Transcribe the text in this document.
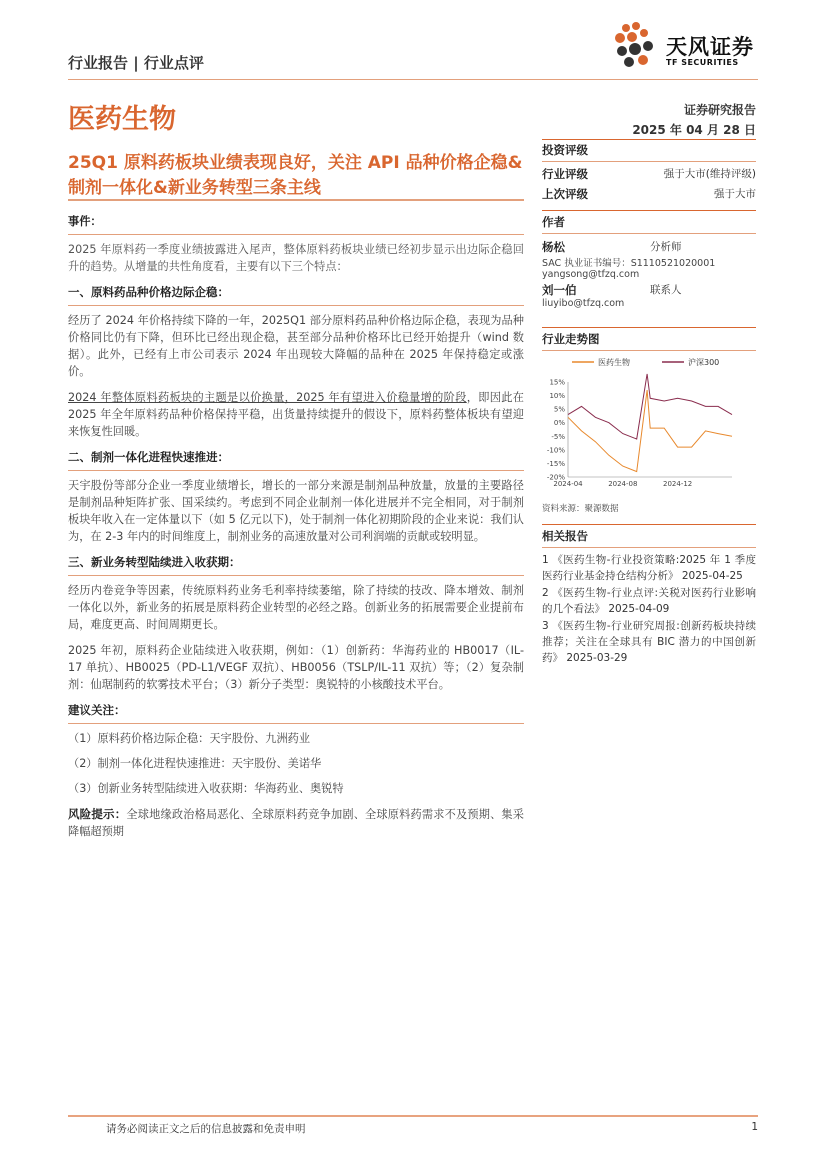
行业报告 | 行业点评
天风证券
TF SECURITIES
医药生物	证券研究报告
2025 年 04 月 28 日
25Q1 原料药板块业绩表现良好，关注 API 品种价格企稳&制剂一体化&新业务转型三条主线

事件：

2025 年原料药一季度业绩披露进入尾声，整体原料药板块业绩已经初步显示出边际企稳回升的趋势。从增量的共性角度看，主要有以下三个特点：

一、原料药品种价格边际企稳：

经历了 2024 年价格持续下降的一年，2025Q1 部分原料药品种价格边际企稳，表现为品种价格同比仍有下降，但环比已经出现企稳，甚至部分品种价格环比已经开始提升（wind 数据）。此外，已经有上市公司表示 2024 年出现较大降幅的品种在 2025 年保持稳定或涨价。

2024 年整体原料药板块的主题是以价换量，2025 年有望进入价稳量增的阶段，即因此在 2025 年全年原料药品种价格保持平稳，出货量持续提升的假设下，原料药整体板块有望迎来恢复性回暖。

二、制剂一体化进程快速推进：

天宇股份等部分企业一季度业绩增长，增长的一部分来源是制剂品种放量，放量的主要路径是制剂品种矩阵扩张、国采续约。考虑到不同企业制剂一体化进展并不完全相同，对于制剂板块年收入在一定体量以下（如 5 亿元以下)，处于制剂一体化初期阶段的企业来说：我们认为，在 2-3 年内的时间维度上，制剂业务的高速放量对公司利润端的贡献或较明显。

三、新业务转型陆续进入收获期：

经历内卷竞争等因素，传统原料药业务毛利率持续萎缩，除了持续的技改、降本增效、制剂一体化以外，新业务的拓展是原料药企业转型的必经之路。创新业务的拓展需要企业提前布局，难度更高、时间周期更长。

2025 年初，原料药企业陆续进入收获期，例如：（1）创新药：华海药业的 HB0017（IL-17 单抗）、HB0025（PD-L1/VEGF 双抗）、HB0056（TSLP/IL-11 双抗）等；（2）复杂制剂：仙琚制药的软雾技术平台；（3）新分子类型：奥锐特的小核酸技术平台。

建议关注：

（1）原料药价格边际企稳：天宇股份、九洲药业

（2）制剂一体化进程快速推进：天宇股份、美诺华

（3）创新业务转型陆续进入收获期：华海药业、奥锐特

风险提示：全球地缘政治格局恶化、全球原料药竞争加剧、全球原料药需求不及预期、集采降幅超预期

投资评级
行业评级	强于大市(维持评级)
上次评级	强于大市
作者
杨松	分析师
SAC 执业证书编号：S1110521020001
yangsong@tfzq.com
刘一伯	联系人
liuyibo@tfzq.com
行业走势图
医药生物	沪深300
15%
10%
5%
0%
-5%
-10%
-15%
-20%
2024-04	2024-08	2024-12
资料来源：聚源数据
相关报告
1 《医药生物-行业投资策略:2025 年 1 季度医药行业基金持仓结构分析》 2025-04-25
2 《医药生物-行业点评:关税对医药行业影响的几个看法》 2025-04-09
3 《医药生物-行业研究周报:创新药板块持续推荐；关注在全球具有 BIC 潜力的中国创新药》 2025-03-29
请务必阅读正文之后的信息披露和免责申明	1
